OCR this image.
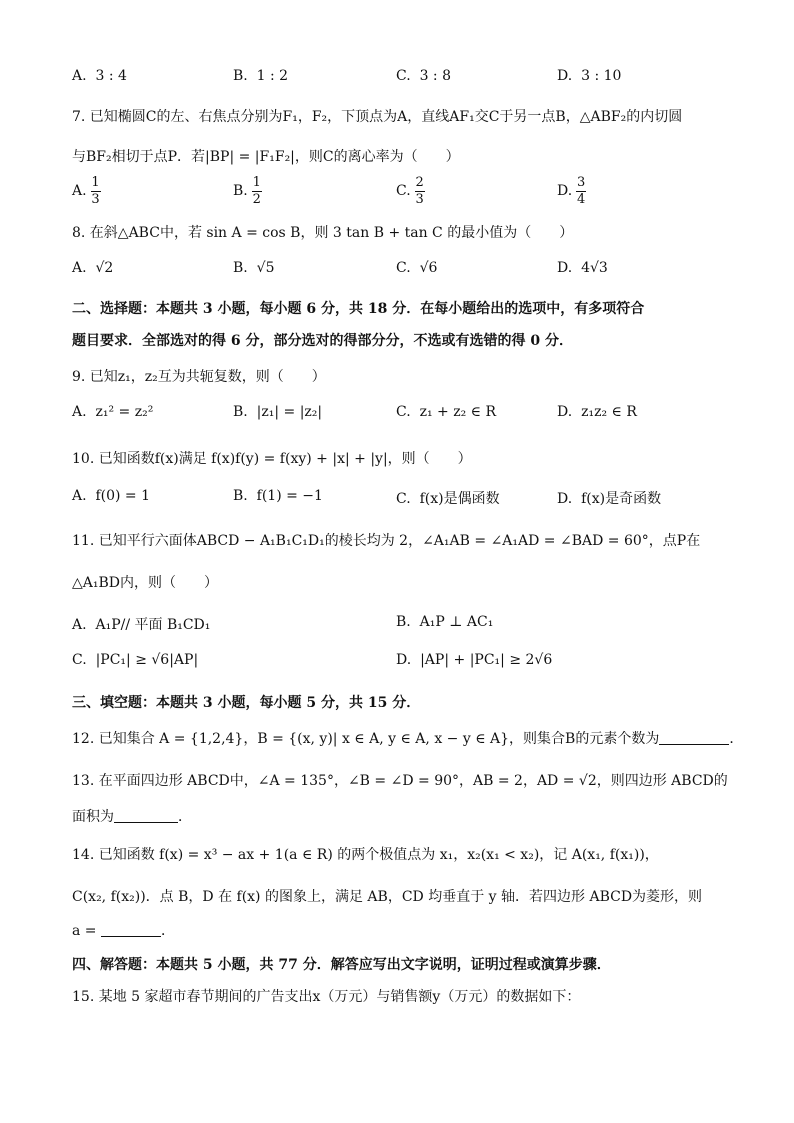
A. 3 : 4	B. 1 : 2	C. 3 : 8	D. 3 : 10
7. 已知椭圆C的左、右焦点分别为F₁，F₂，下顶点为A，直线AF₁交C于另一点B，△ABF₂的内切圆
与BF₂相切于点P．若|BP| = |F₁F₂|，则C的离心率为（　　）
A. $\frac{1}{3}$	B. $\frac{1}{2}$	C. $\frac{2}{3}$	D. $\frac{3}{4}$
8. 在斜△ABC中，若 sin A = cos B，则 3 tan B + tan C 的最小值为（　　）
A. √2	B. √5	C. √6	D. 4√3
二、选择题：本题共 3 小题，每小题 6 分，共 18 分．在每小题给出的选项中，有多项符合
题目要求．全部选对的得 6 分，部分选对的得部分分，不选或有选错的得 0 分．
9. 已知z₁，z₂互为共轭复数，则（　　）
A. z₁² = z₂²	B. |z₁| = |z₂|	C. z₁ + z₂ ∈ R	D. z₁z₂ ∈ R
10. 已知函数f(x)满足 f(x)f(y) = f(xy) + |x| + |y|，则（　　）
A. f(0) = 1	B. f(1) = −1	C. f(x)是偶函数	D. f(x)是奇函数
11. 已知平行六面体ABCD − A₁B₁C₁D₁的棱长均为 2，∠A₁AB = ∠A₁AD = ∠BAD = 60°，点P在
△A₁BD内，则（　　）
A. A₁P// 平面 B₁CD₁	B. A₁P ⊥ AC₁
C. |PC₁| ≥ √6|AP|	D. |AP| + |PC₁| ≥ 2√6
三、填空题：本题共 3 小题，每小题 5 分，共 15 分．
12. 已知集合 A = {1,2,4}，B = {(x, y)| x ∈ A, y ∈ A, x − y ∈ A}，则集合B的元素个数为	．
13. 在平面四边形 ABCD中，∠A = 135°，∠B = ∠D = 90°，AB = 2，AD = √2，则四边形 ABCD的
面积为	．
14. 已知函数 f(x) = x³ − ax + 1(a ∈ R) 的两个极值点为 x₁，x₂(x₁ < x₂)，记 A(x₁, f(x₁))，
C(x₂, f(x₂))．点 B，D 在 f(x) 的图象上，满足 AB，CD 均垂直于 y 轴．若四边形 ABCD为菱形，则
a =	．
四、解答题：本题共 5 小题，共 77 分．解答应写出文字说明，证明过程或演算步骤．
15. 某地 5 家超市春节期间的广告支出x（万元）与销售额y（万元）的数据如下：
